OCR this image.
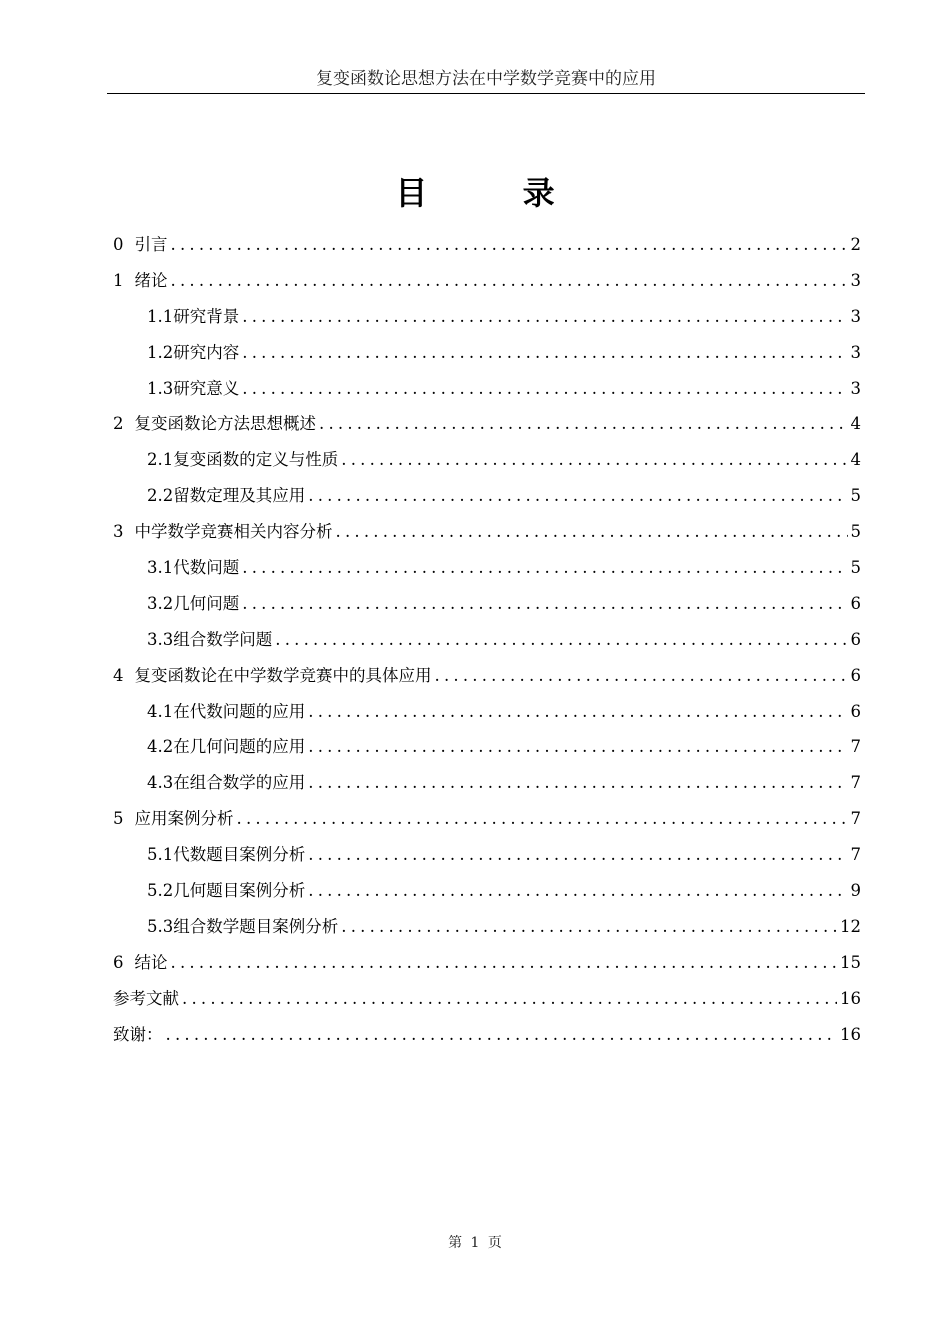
复变函数论思想方法在中学数学竞赛中的应用
目 录
0 引言 .....	2
1 绪论 .....	3
1.1 研究背景 .....	3
1.2 研究内容 .....	3
1.3 研究意义 .....	3
2 复变函数论方法思想概述 .....	4
2.1 复变函数的定义与性质 .....	4
2.2 留数定理及其应用 .....	5
3 中学数学竞赛相关内容分析 .....	5
3.1 代数问题 .....	5
3.2 几何问题 .....	6
3.3 组合数学问题 .....	6
4 复变函数论在中学数学竞赛中的具体应用 .....	6
4.1 在代数问题的应用 .....	6
4.2 在几何问题的应用 .....	7
4.3 在组合数学的应用 .....	7
5 应用案例分析 .....	7
5.1 代数题目案例分析 .....	7
5.2 几何题目案例分析 .....	9
5.3 组合数学题目案例分析 .....	12
6 结论 .....	15
参考文献 .....	16
致谢： .....	16
第 1 页
